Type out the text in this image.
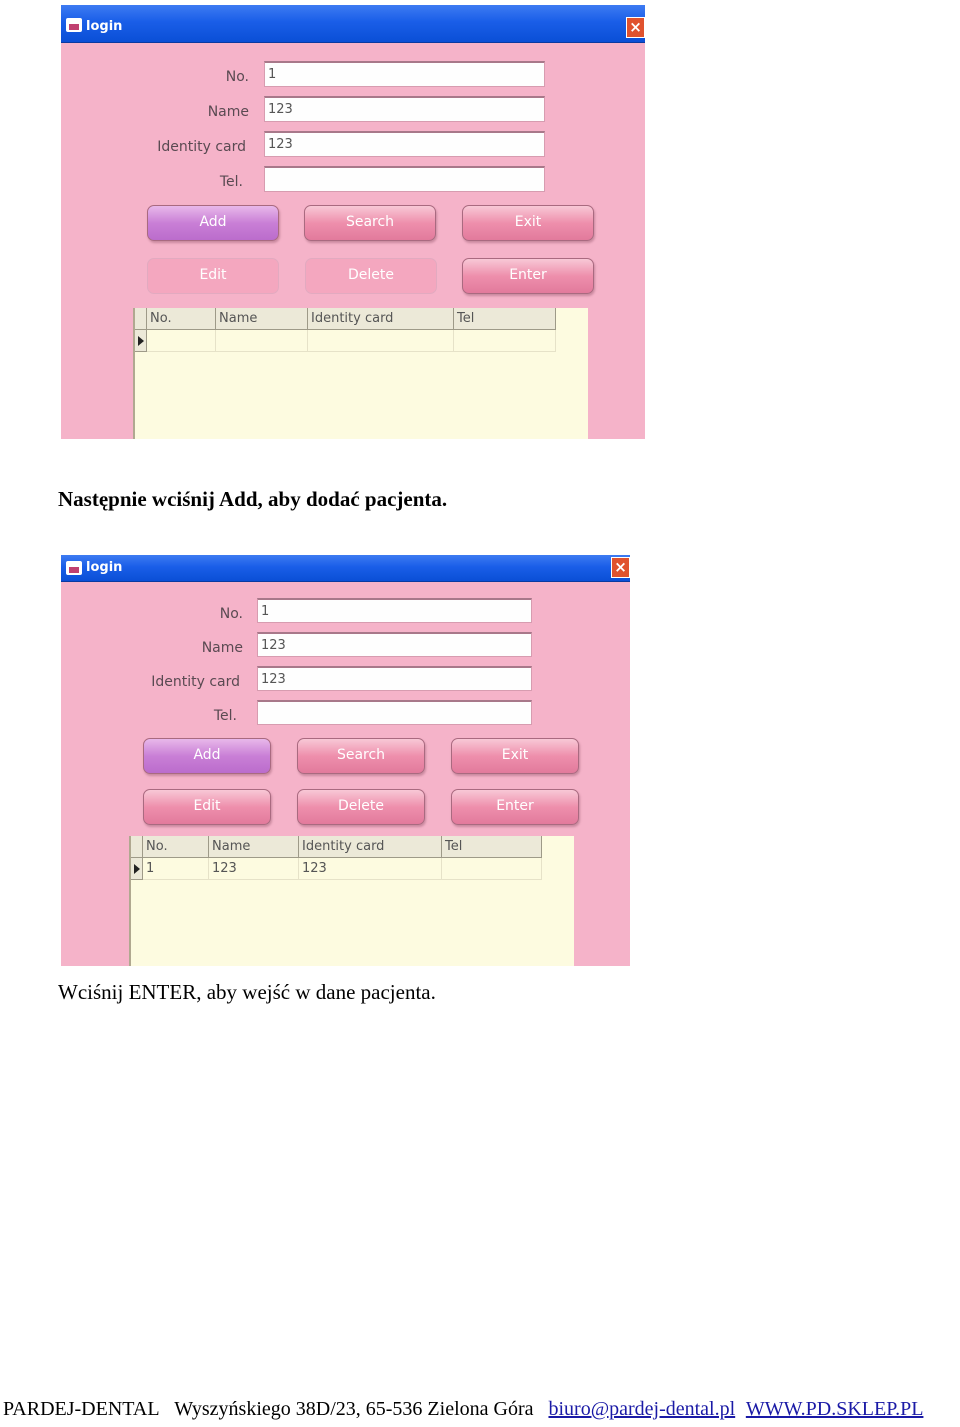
login	×
No.
1
Name
123
Identity card
123
Tel.
Add	Search	Exit
Edit	Delete	Enter
No.	Name	Identity card	Tel
Następnie wciśnij Add, aby dodać pacjenta.
login	×
No.
1
Name
123
Identity card
123
Tel.
Add	Search	Exit
Edit	Delete	Enter
No.	Name	Identity card	Tel
1	123	123
Wciśnij ENTER, aby wejść w dane pacjenta.
PARDEJ-DENTAL Wyszyńskiego 38D/23, 65-536 Zielona Góra biuro@pardej-dental.pl WWW.PD.SKLEP.PL
